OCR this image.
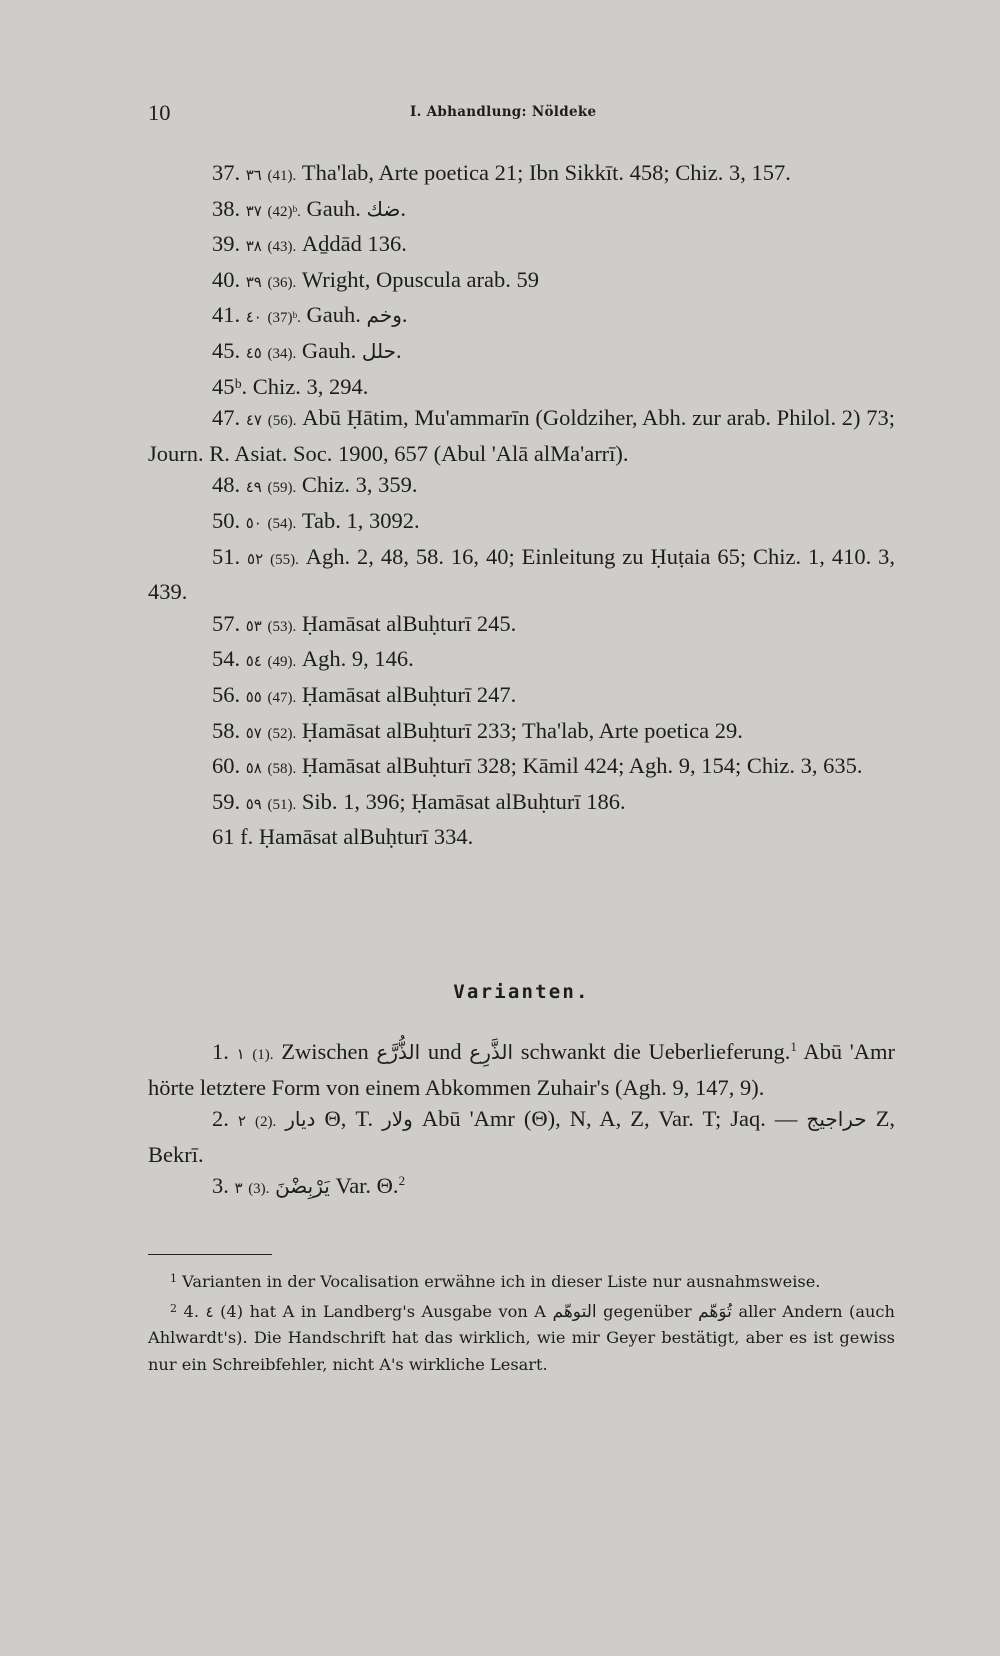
10	I. Abhandlung: Nöldeke

37. ٣٦ (41). Tha'lab, Arte poetica 21; Ibn Sikkīt. 458; Chiz. 3, 157.

38. ٣٧ (42)ᵇ. Gauh. ضك.

39. ٣٨ (43). Aḏdād 136.

40. ٣٩ (36). Wright, Opuscula arab. 59

41. ٤٠ (37)ᵇ. Gauh. وخم.

45. ٤٥ (34). Gauh. حلل.

45ᵇ. Chiz. 3, 294.

47. ٤٧ (56). Abū Ḥātim, Mu'ammarīn (Goldziher, Abh. zur arab. Philol. 2) 73; Journ. R. Asiat. Soc. 1900, 657 (Abul 'Alā alMa'arrī).

48. ٤٩ (59). Chiz. 3, 359.

50. ٥٠ (54). Tab. 1, 3092.

51. ٥٢ (55). Agh. 2, 48, 58. 16, 40; Einleitung zu Ḥuṭaia 65; Chiz. 1, 410. 3, 439.

57. ٥٣ (53). Ḥamāsat alBuḥturī 245.

54. ٥٤ (49). Agh. 9, 146.

56. ٥٥ (47). Ḥamāsat alBuḥturī 247.

58. ٥٧ (52). Ḥamāsat alBuḥturī 233; Tha'lab, Arte poetica 29.

60. ٥٨ (58). Ḥamāsat alBuḥturī 328; Kāmil 424; Agh. 9, 154; Chiz. 3, 635.

59. ٥٩ (51). Sib. 1, 396; Ḥamāsat alBuḥturī 186.

61 f. Ḥamāsat alBuḥturī 334.

Varianten.

1. ١ (1). Zwischen الذُّرَّع und الذَّرِع schwankt die Ueberlieferung.$^1$ Abū 'Amr hörte letztere Form von einem Abkommen Zuhair's (Agh. 9, 147, 9).

2. ٢ (2). ديار Θ, T. ولار Abū 'Amr (Θ), N, A, Z, Var. T; Jaq. — حراجيج Z, Bekrī.

3. ٣ (3). يَرْبِضْنَ Var. Θ.$^2$

$^1$ Varianten in der Vocalisation erwähne ich in dieser Liste nur ausnahmsweise.

$^2$ 4. ٤ (4) hat A in Landberg's Ausgabe von A التوهّم gegenüber تُوَهّم aller Andern (auch Ahlwardt's). Die Handschrift hat das wirklich, wie mir Geyer bestätigt, aber es ist gewiss nur ein Schreibfehler, nicht A's wirkliche Lesart.
